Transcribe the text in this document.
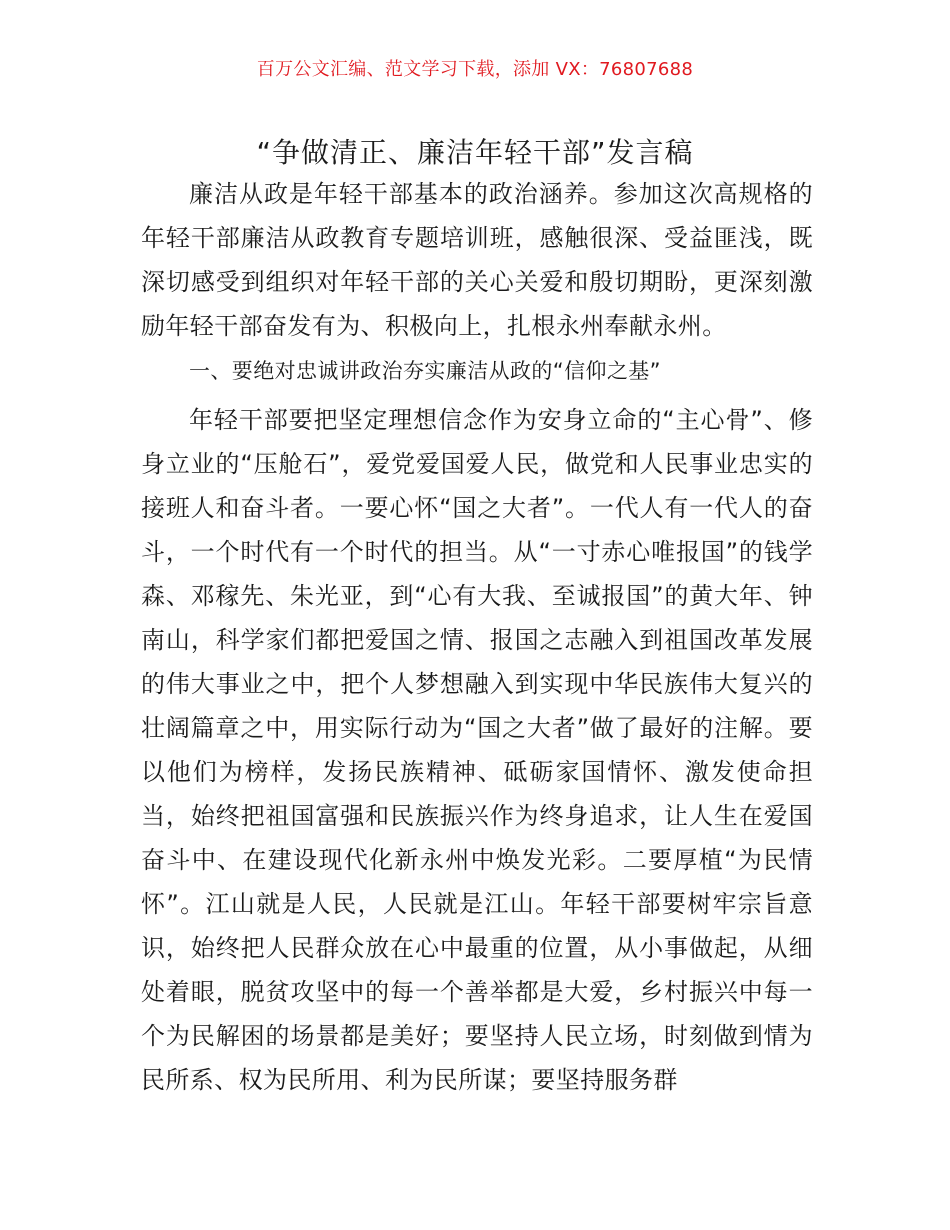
百万公文汇编、范文学习下载，添加 VX：76807688
“争做清正、廉洁年轻干部”发言稿

廉洁从政是年轻干部基本的政治涵养。参加这次高规格的年轻干部廉洁从政教育专题培训班，感触很深、受益匪浅，既深切感受到组织对年轻干部的关心关爱和殷切期盼，更深刻激励年轻干部奋发有为、积极向上，扎根永州奉献永州。

一、要绝对忠诚讲政治夯实廉洁从政的“信仰之基”

年轻干部要把坚定理想信念作为安身立命的“主心骨”、修身立业的“压舱石”，爱党爱国爱人民，做党和人民事业忠实的接班人和奋斗者。一要心怀“国之大者”。一代人有一代人的奋斗，一个时代有一个时代的担当。从“一寸赤心唯报国”的钱学森、邓稼先、朱光亚，到“心有大我、至诚报国”的黄大年、钟南山，科学家们都把爱国之情、报国之志融入到祖国改革发展的伟大事业之中，把个人梦想融入到实现中华民族伟大复兴的壮阔篇章之中，用实际行动为“国之大者”做了最好的注解。要以他们为榜样，发扬民族精神、砥砺家国情怀、激发使命担当，始终把祖国富强和民族振兴作为终身追求，让人生在爱国奋斗中、在建设现代化新永州中焕发光彩。二要厚植“为民情怀”。江山就是人民，人民就是江山。年轻干部要树牢宗旨意识，始终把人民群众放在心中最重的位置，从小事做起，从细处着眼，脱贫攻坚中的每一个善举都是大爱，乡村振兴中每一个为民解困的场景都是美好；要坚持人民立场，时刻做到情为民所系、权为民所用、利为民所谋；要坚持服务群
